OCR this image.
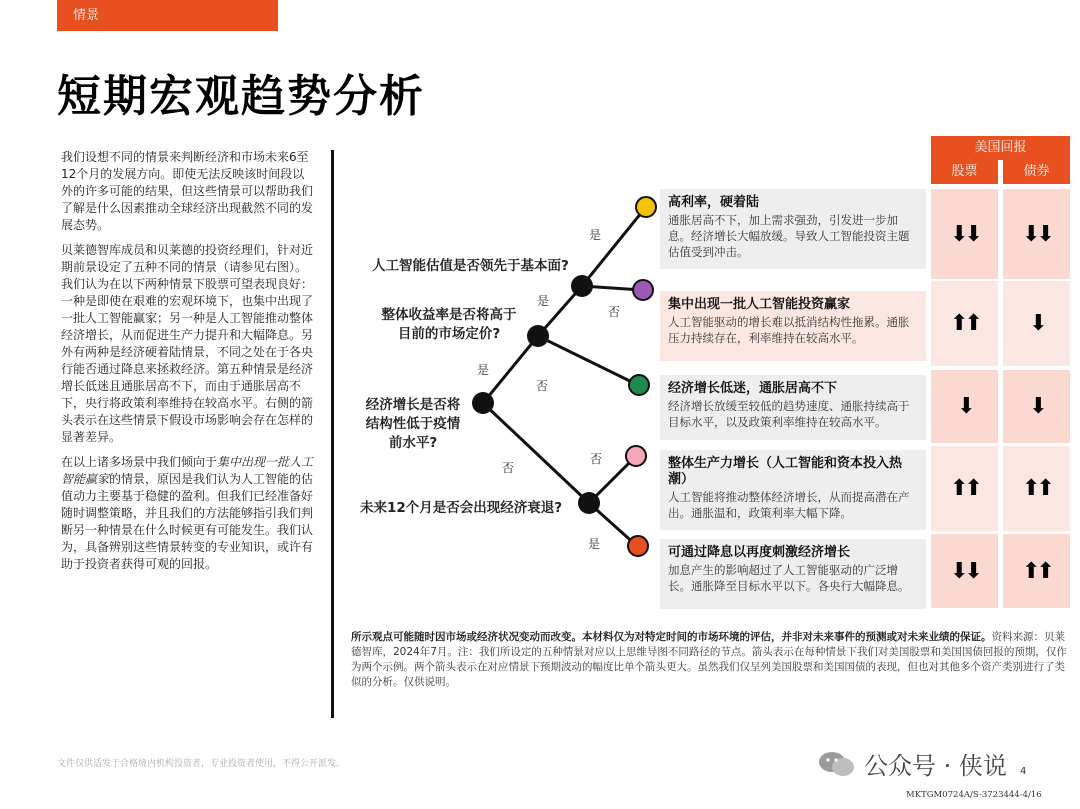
情景
短期宏观趋势分析

我们设想不同的情景来判断经济和市场未来6至12个月的发展方向。即使无法反映该时间段以外的许多可能的结果，但这些情景可以帮助我们了解是什么因素推动全球经济出现截然不同的发展态势。

贝莱德智库成员和贝莱德的投资经理们，针对近期前景设定了五种不同的情景（请参见右图）。我们认为在以下两种情景下股票可望表现良好：一种是即使在艰难的宏观环境下，也集中出现了一批人工智能赢家；另一种是人工智能推动整体经济增长，从而促进生产力提升和大幅降息。另外有两种是经济硬着陆情景，不同之处在于各央行能否通过降息来拯救经济。第五种情景是经济增长低迷且通胀居高不下，而由于通胀居高不下，央行将政策利率维持在较高水平。右侧的箭头表示在这些情景下假设市场影响会存在怎样的显著差异。

在以上诸多场景中我们倾向于集中出现一批人工智能赢家的情景，原因是我们认为人工智能的估值动力主要基于稳健的盈利。但我们已经准备好随时调整策略，并且我们的方法能够指引我们判断另一种情景在什么时候更有可能发生。我们认为，具备辨别这些情景转变的专业知识，或许有助于投资者获得可观的回报。

人工智能估值是否领先于基本面?
整体收益率是否将高于
目前的市场定价?
经济增长是否将
结构性低于疫情
前水平?
未来12个月是否会出现经济衰退?
是
否
是
否
是
否
否
是
美国回报
股票	债券
高利率，硬着陆
通胀居高不下，加上需求强劲，引发进一步加息。经济增长大幅放缓。导致人工智能投资主题估值受到冲击。
⬇⬇	⬇⬇
集中出现一批人工智能投资赢家
人工智能驱动的增长难以抵消结构性拖累。通胀压力持续存在，利率维持在较高水平。
⬆⬆	⬇
经济增长低迷，通胀居高不下
经济增长放缓至较低的趋势速度、通胀持续高于目标水平，以及政策利率维持在较高水平。
⬇	⬇
整体生产力增长（人工智能和资本投入热潮）
人工智能将推动整体经济增长，从而提高潜在产出。通胀温和，政策利率大幅下降。
⬆⬆	⬆⬆
可通过降息以再度刺激经济增长
加息产生的影响超过了人工智能驱动的广泛增长。通胀降至目标水平以下。各央行大幅降息。
⬇⬇	⬆⬆
所示观点可能随时因市场或经济状况变动而改变。本材料仅为对特定时间的市场环境的评估，并非对未来事件的预测或对未来业绩的保证。资料来源：贝莱德智库，2024年7月。注：我们所设定的五种情景对应以上思维导图不同路径的节点。箭头表示在每种情景下我们对美国股票和美国国债回报的预期，仅作为两个示例。两个箭头表示在对应情景下预期波动的幅度比单个箭头更大。虽然我们仅呈列美国股票和美国国债的表现，但也对其他多个资产类别进行了类似的分析。仅供说明。
文件仅供适发于合格境内机构投资者，专业投资者使用，不得公开派发。	公众号 · 侠说 4
MKTGM0724A/S-3723444-4/16
